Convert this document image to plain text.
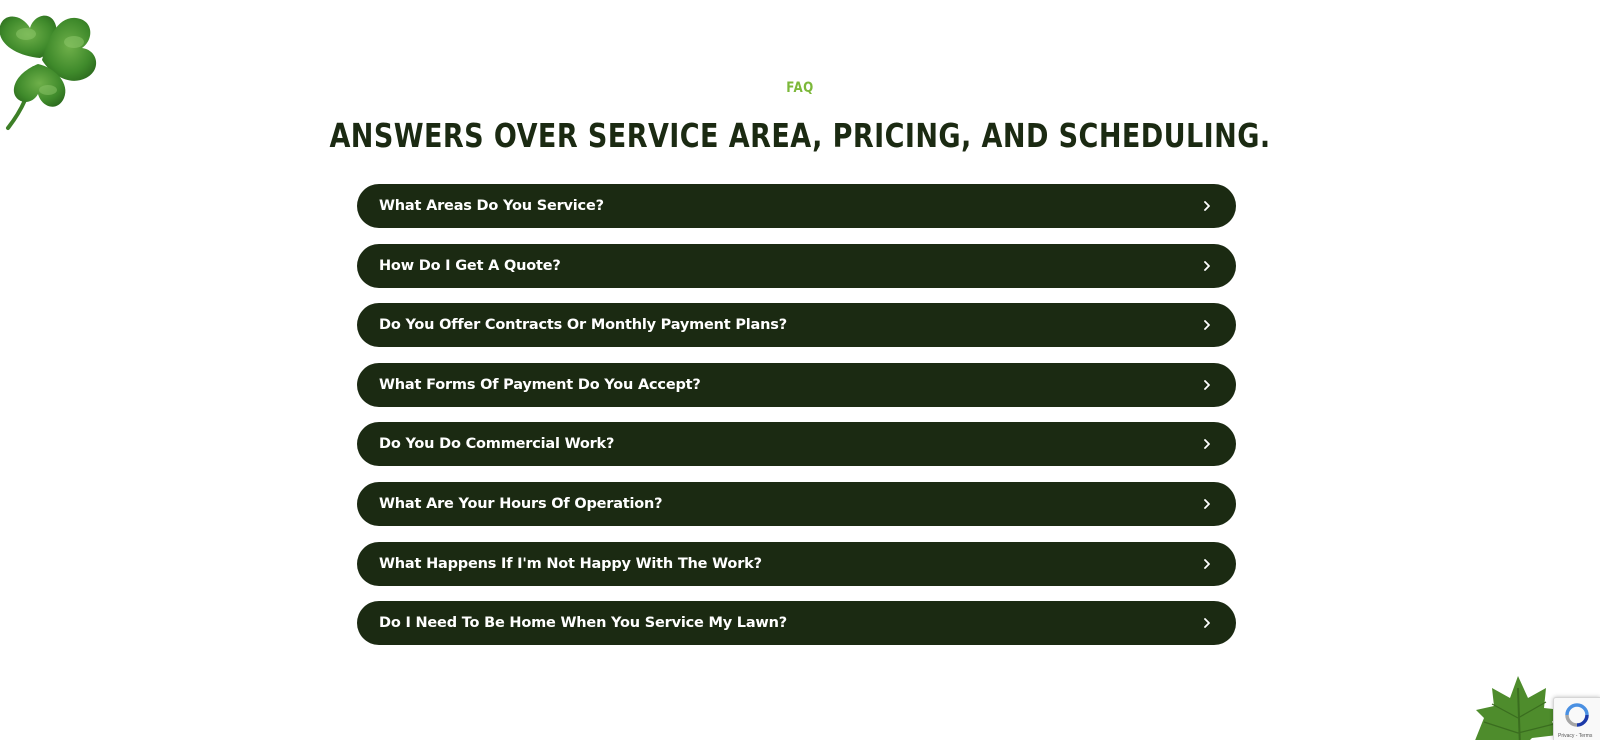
FAQ
ANSWERS OVER SERVICE AREA, PRICING, AND SCHEDULING.
What Areas Do You Service?
How Do I Get A Quote?
Do You Offer Contracts Or Monthly Payment Plans?
What Forms Of Payment Do You Accept?
Do You Do Commercial Work?
What Are Your Hours Of Operation?
What Happens If I'm Not Happy With The Work?
Do I Need To Be Home When You Service My Lawn?
Privacy - Terms
